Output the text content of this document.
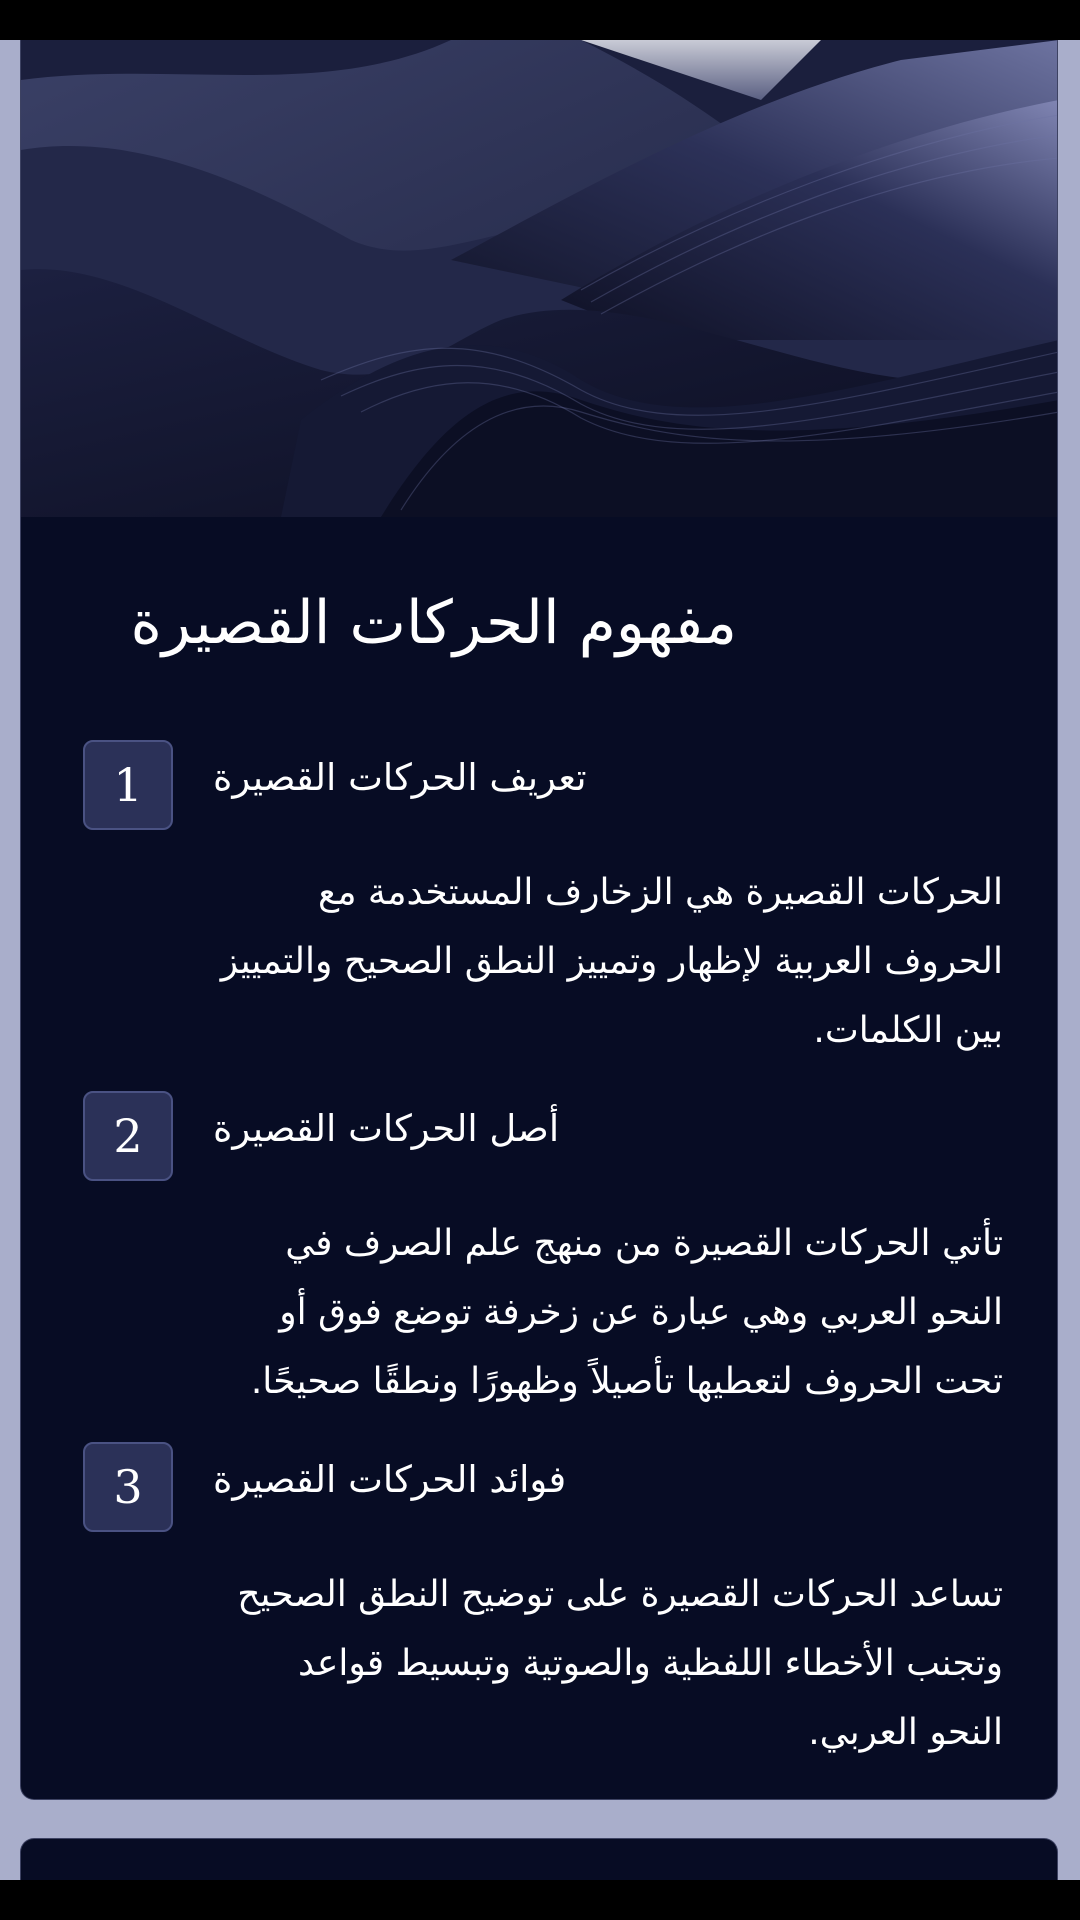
مفهوم الحركات القصيرة
1	تعريف الحركات القصيرة

الحركات القصيرة هي الزخارف المستخدمة مع الحروف العربية لإظهار وتمييز النطق الصحيح والتمييز بين الكلمات.

2	أصل الحركات القصيرة

تأتي الحركات القصيرة من منهج علم الصرف في النحو العربي وهي عبارة عن زخرفة توضع فوق أو تحت الحروف لتعطيها تأصيلاً وظهورًا ونطقًا صحيحًا.

3	فوائد الحركات القصيرة

تساعد الحركات القصيرة على توضيح النطق الصحيح وتجنب الأخطاء اللفظية والصوتية وتبسيط قواعد النحو العربي.
